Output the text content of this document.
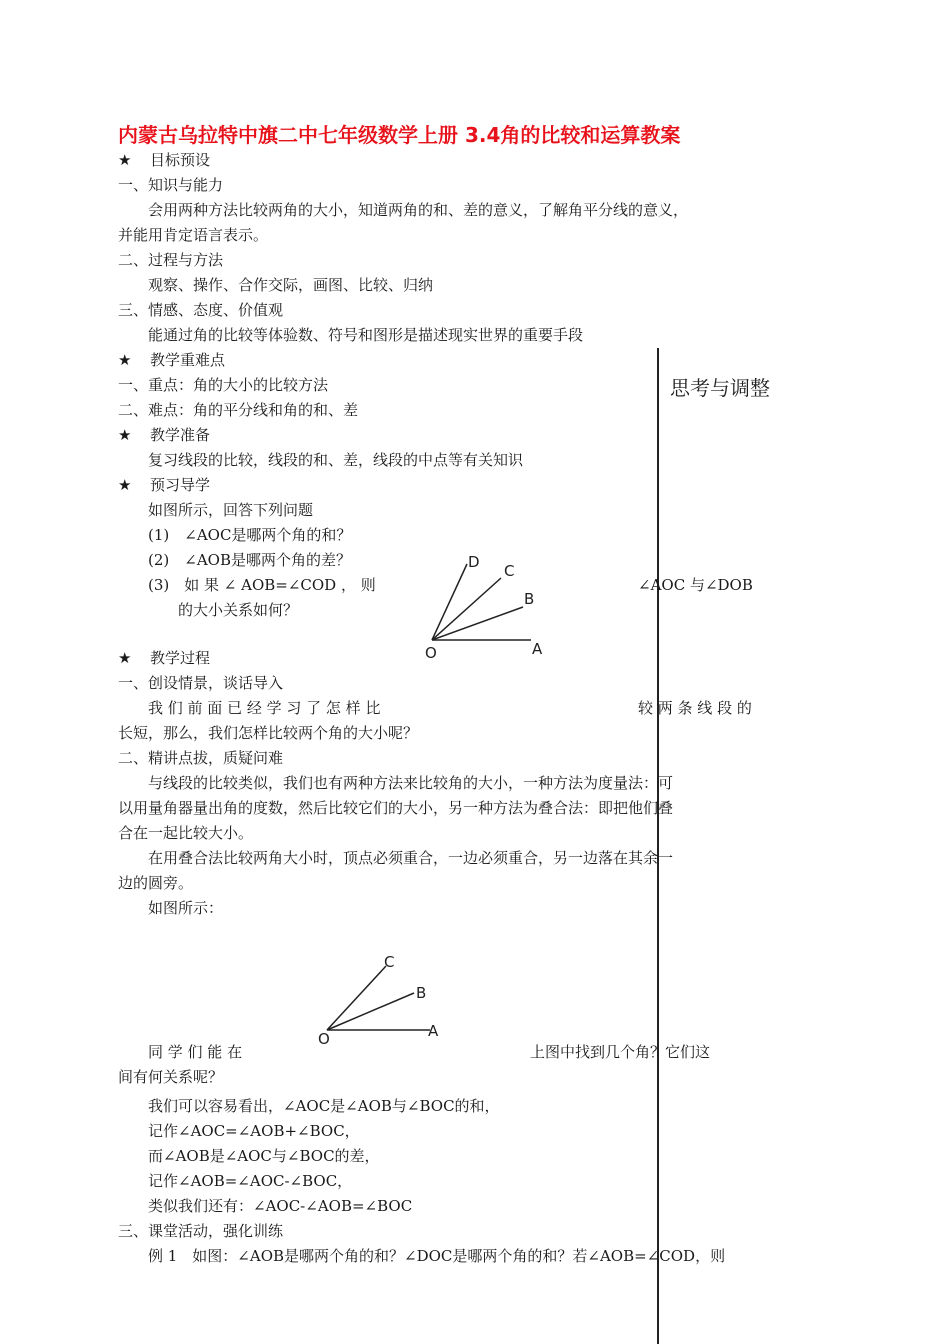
内蒙古乌拉特中旗二中七年级数学上册 3.4角的比较和运算教案
思考与调整
★ 目标预设
一、知识与能力
会用两种方法比较两角的大小，知道两角的和、差的意义，了解角平分线的意义，
并能用肯定语言表示。
二、过程与方法
观察、操作、合作交际，画图、比较、归纳
三、情感、态度、价值观
能通过角的比较等体验数、符号和图形是描述现实世界的重要手段
★ 教学重难点
一、重点：角的大小的比较方法
二、难点：角的平分线和角的和、差
★ 教学准备
复习线段的比较，线段的和、差，线段的中点等有关知识
★ 预习导学
如图所示，回答下列问题
(1)　∠AOC是哪两个角的和？
(2)　∠AOB是哪两个角的差？
(3)　如 果 ∠ AOB=∠COD ， 则	∠AOC 与∠DOB
的大小关系如何？
O	A
B
C
D
★ 教学过程
一、创设情景，谈话导入
我 们 前 面 已 经 学 习 了 怎 样 比	较 两 条 线 段 的
长短，那么，我们怎样比较两个角的大小呢？
二、精讲点拔，质疑问难
与线段的比较类似，我们也有两种方法来比较角的大小，一种方法为度量法：可
以用量角器量出角的度数，然后比较它们的大小，另一种方法为叠合法：即把他们叠
合在一起比较大小。
在用叠合法比较两角大小时，顶点必须重合，一边必须重合，另一边落在其余一
边的圆旁。
如图所示：
O	A
B
C
同 学 们 能 在	上图中找到几个角？它们这
间有何关系呢？
我们可以容易看出，∠AOC是∠AOB与∠BOC的和，
记作∠AOC=∠AOB+∠BOC，
而∠AOB是∠AOC与∠BOC的差，
记作∠AOB=∠AOC-∠BOC，
类似我们还有：∠AOC-∠AOB=∠BOC
三、课堂活动，强化训练
例 1　如图：∠AOB是哪两个角的和？∠DOC是哪两个角的和？若∠AOB=∠COD，则
